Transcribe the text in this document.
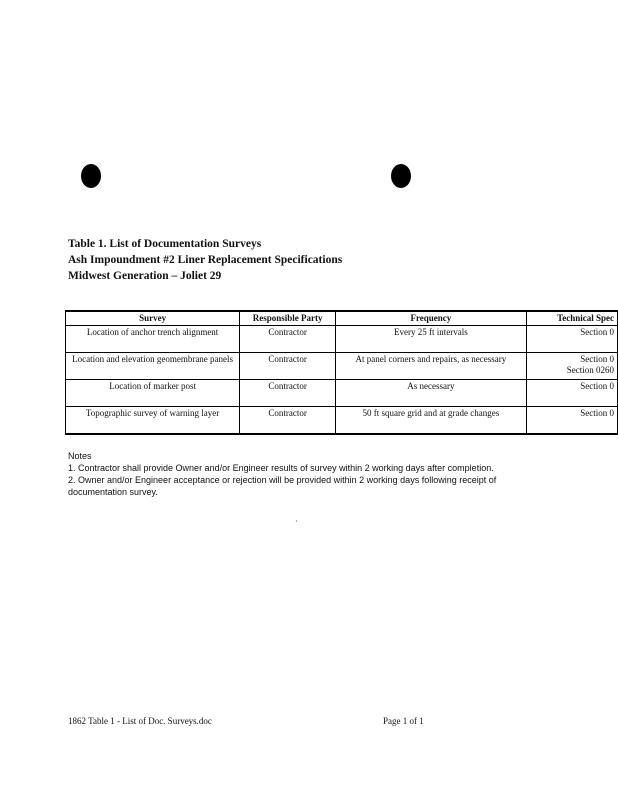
Table 1. List of Documentation Surveys
Ash Impoundment #2 Liner Replacement Specifications
Midwest Generation – Joliet 29
Survey	Responsible Party	Frequency	Technical Spec
Location of anchor trench alignment	Contractor	Every 25 ft intervals	Section 0

Location and elevation geomembrane panels	Contractor	At panel corners and repairs, as necessary	Section 0
Section 0260

Location of marker post	Contractor	As necessary	Section 0

Topographic survey of warning layer	Contractor	50 ft square grid and at grade changes	Section 0

Notes

1. Contractor shall provide Owner and/or Engineer results of survey within 2 working days after completion.

2. Owner and/or Engineer acceptance or rejection will be provided within 2 working days following receipt of documentation survey.

·
1862 Table 1 - List of Doc. Surveys.doc	Page 1 of 1
